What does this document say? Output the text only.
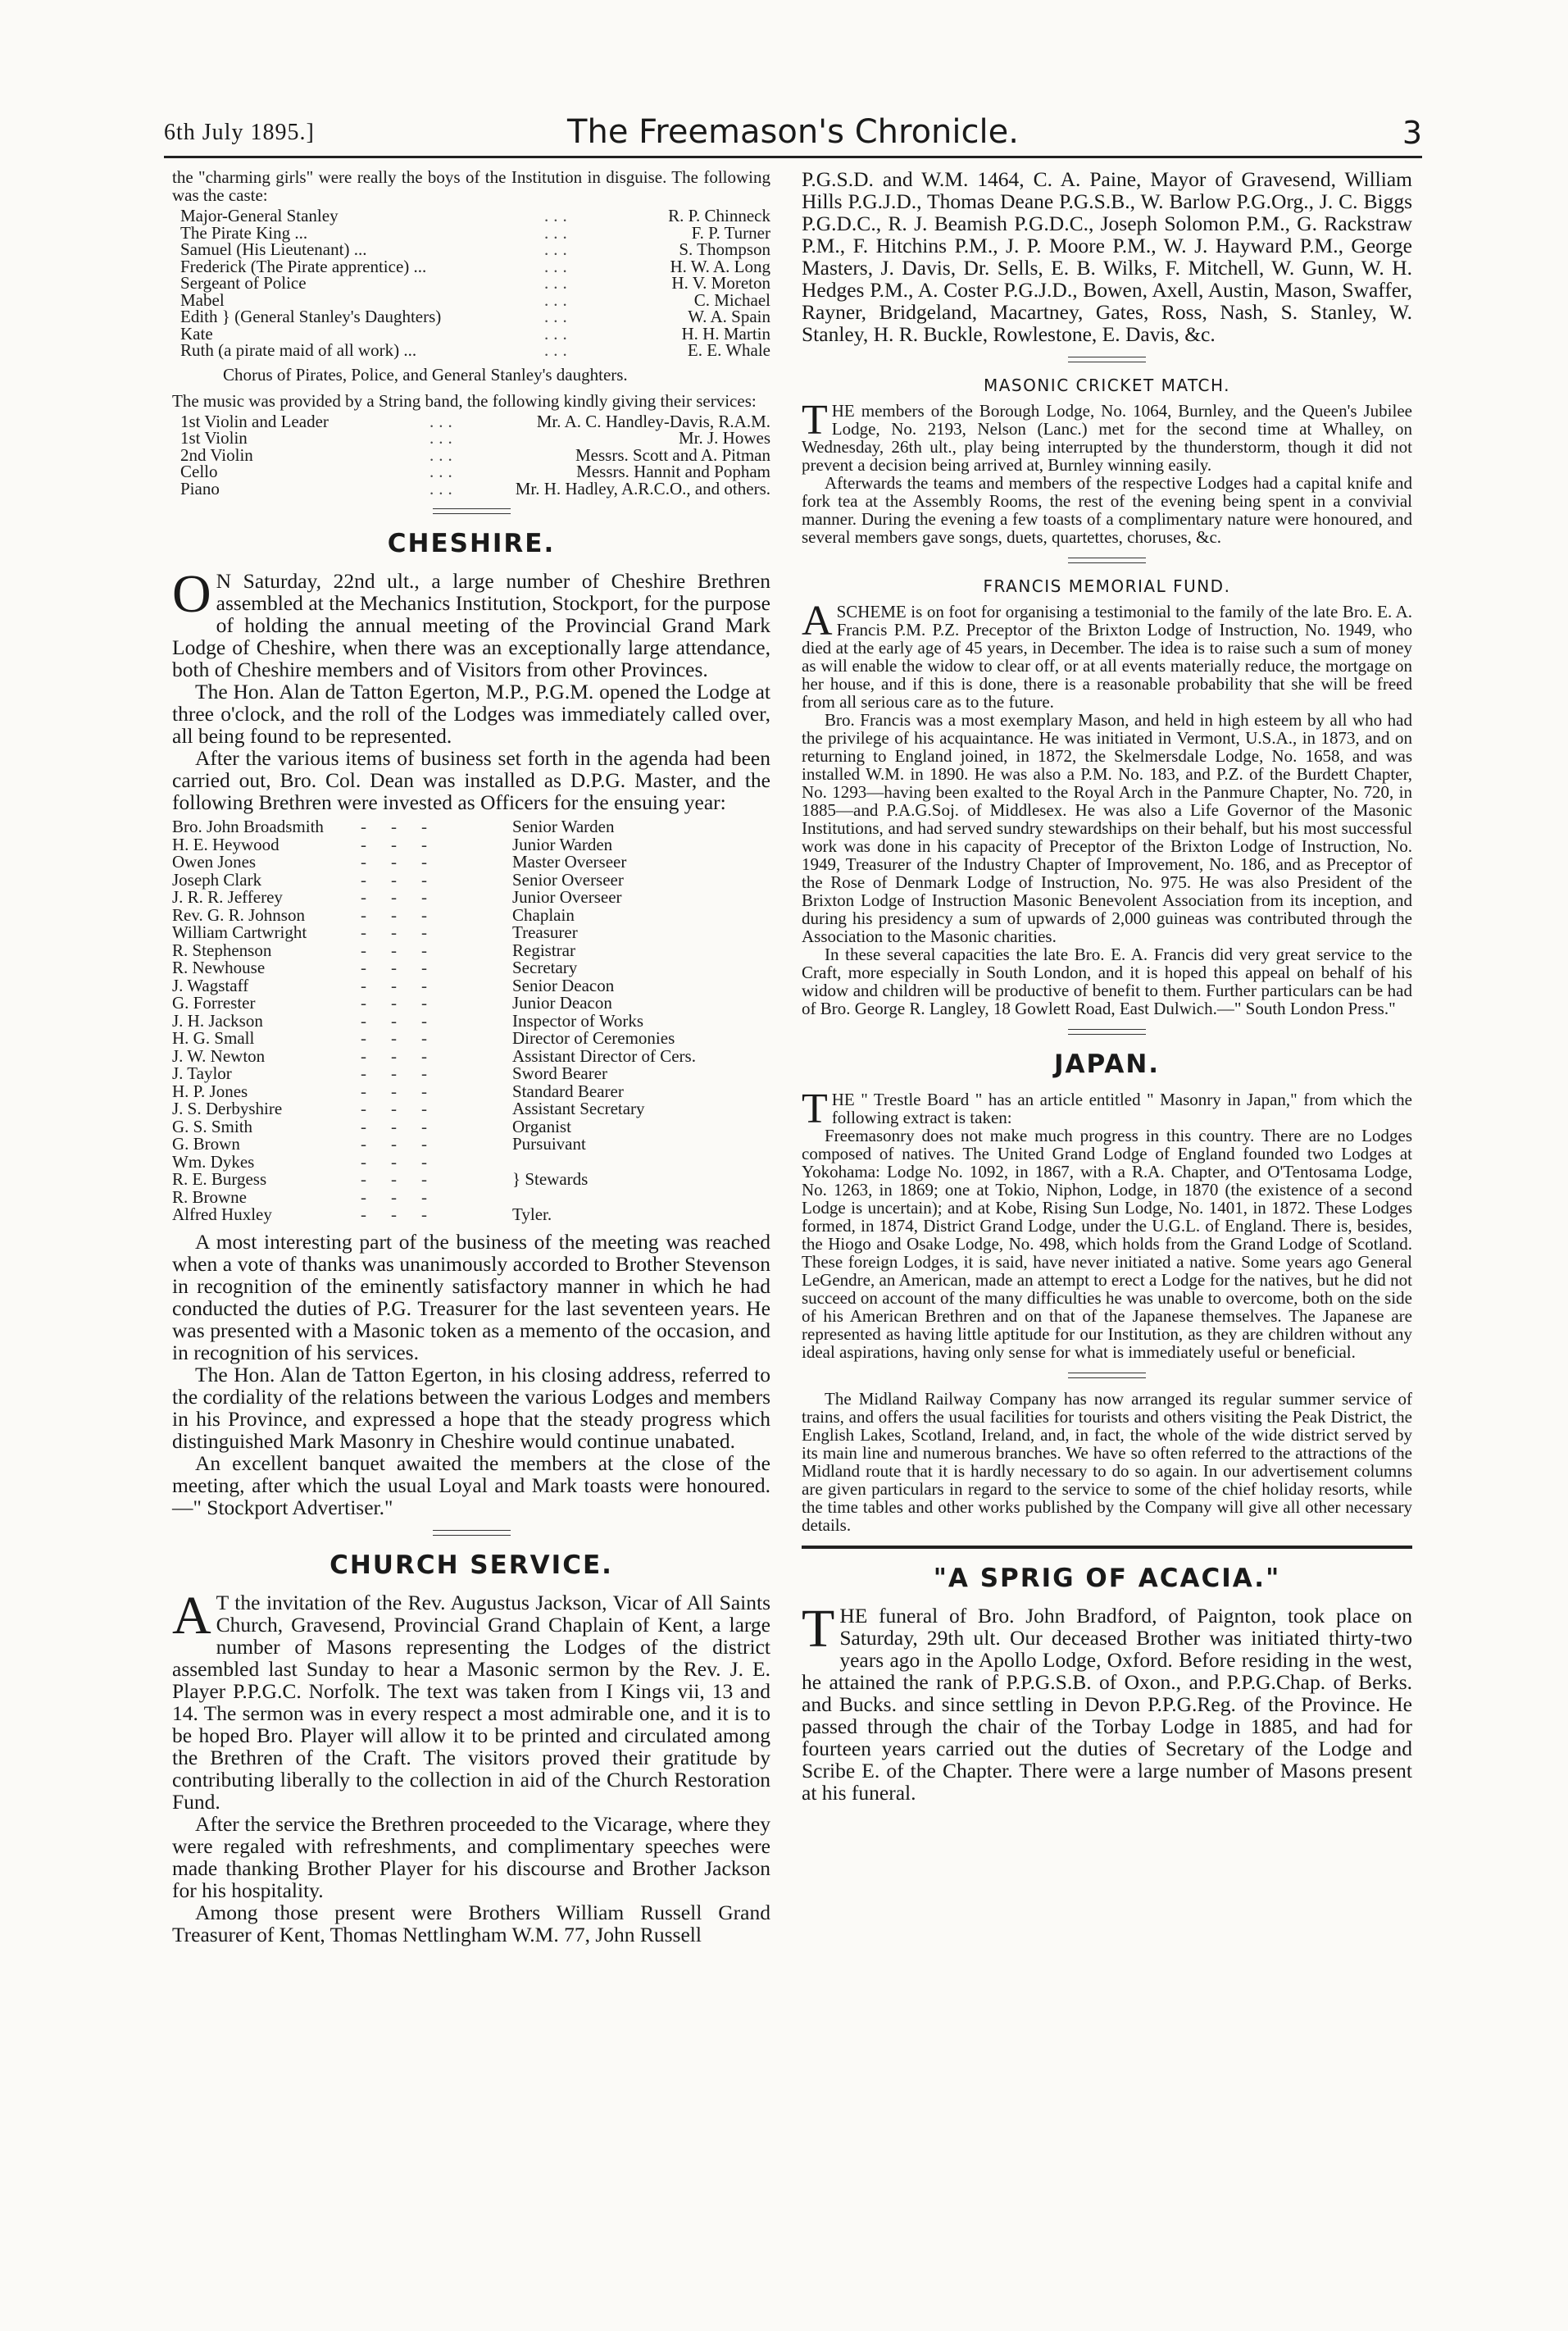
6th July 1895.]	The Freemason's Chronicle.	3

the "charming girls" were really the boys of the Institution in disguise. The following was the caste:

Major-General Stanley	...	R. P. Chinneck
The Pirate King ...	...	F. P. Turner
Samuel (His Lieutenant) ...	...	S. Thompson
Frederick (The Pirate apprentice) ...	...	H. W. A. Long
Sergeant of Police	...	H. V. Moreton
Mabel	...	C. Michael
Edith } (General Stanley's Daughters)	...	W. A. Spain
Kate	...	H. H. Martin
Ruth (a pirate maid of all work) ...	...	E. E. Whale
Chorus of Pirates, Police, and General Stanley's daughters.

The music was provided by a String band, the following kindly giving their services:

1st Violin and Leader	...	Mr. A. C. Handley-Davis, R.A.M.
1st Violin	...	Mr. J. Howes
2nd Violin	...	Messrs. Scott and A. Pitman
Cello	...	Messrs. Hannit and Popham
Piano	...	Mr. H. Hadley, A.R.C.O., and others.
CHESHIRE.
O N Saturday, 22nd ult., a large number of Cheshire Brethren assembled at the Mechanics Institution, Stockport, for the purpose of holding the annual meeting of the Provincial Grand Mark Lodge of Cheshire, when there was an exceptionally large attendance, both of Cheshire members and of Visitors from other Provinces.

The Hon. Alan de Tatton Egerton, M.P., P.G.M. opened the Lodge at three o'clock, and the roll of the Lodges was immediately called over, all being found to be represented.

After the various items of business set forth in the agenda had been carried out, Bro. Col. Dean was installed as D.P.G. Master, and the following Brethren were invested as Officers for the ensuing year:

Bro. John Broadsmith	---	Senior Warden
H. E. Heywood	---	Junior Warden
Owen Jones	---	Master Overseer
Joseph Clark	---	Senior Overseer
J. R. R. Jefferey	---	Junior Overseer
Rev. G. R. Johnson	---	Chaplain
William Cartwright	---	Treasurer
R. Stephenson	---	Registrar
R. Newhouse	---	Secretary
J. Wagstaff	---	Senior Deacon
G. Forrester	---	Junior Deacon
J. H. Jackson	---	Inspector of Works
H. G. Small	---	Director of Ceremonies
J. W. Newton	---	Assistant Director of Cers.
J. Taylor	---	Sword Bearer
H. P. Jones	---	Standard Bearer
J. S. Derbyshire	---	Assistant Secretary
G. S. Smith	---	Organist
G. Brown	---	Pursuivant
Wm. Dykes	---
R. E. Burgess	---	} Stewards
R. Browne	---
Alfred Huxley	---	Tyler.

A most interesting part of the business of the meeting was reached when a vote of thanks was unanimously accorded to Brother Stevenson in recognition of the eminently satisfactory manner in which he had conducted the duties of P.G. Treasurer for the last seventeen years. He was presented with a Masonic token as a memento of the occasion, and in recognition of his services.

The Hon. Alan de Tatton Egerton, in his closing address, referred to the cordiality of the relations between the various Lodges and members in his Province, and expressed a hope that the steady progress which distinguished Mark Masonry in Cheshire would continue unabated.

An excellent banquet awaited the members at the close of the meeting, after which the usual Loyal and Mark toasts were honoured.—" Stockport Advertiser."

CHURCH SERVICE.
A T the invitation of the Rev. Augustus Jackson, Vicar of All Saints Church, Gravesend, Provincial Grand Chaplain of Kent, a large number of Masons representing the Lodges of the district assembled last Sunday to hear a Masonic sermon by the Rev. J. E. Player P.P.G.C. Norfolk. The text was taken from I Kings vii, 13 and 14. The sermon was in every respect a most admirable one, and it is to be hoped Bro. Player will allow it to be printed and circulated among the Brethren of the Craft. The visitors proved their gratitude by contributing liberally to the collection in aid of the Church Restoration Fund.

After the service the Brethren proceeded to the Vicarage, where they were regaled with refreshments, and complimentary speeches were made thanking Brother Player for his discourse and Brother Jackson for his hospitality.

Among those present were Brothers William Russell Grand Treasurer of Kent, Thomas Nettlingham W.M. 77, John Russell

P.G.S.D. and W.M. 1464, C. A. Paine, Mayor of Gravesend, William Hills P.G.J.D., Thomas Deane P.G.S.B., W. Barlow P.G.Org., J. C. Biggs P.G.D.C., R. J. Beamish P.G.D.C., Joseph Solomon P.M., G. Rackstraw P.M., F. Hitchins P.M., J. P. Moore P.M., W. J. Hayward P.M., George Masters, J. Davis, Dr. Sells, E. B. Wilks, F. Mitchell, W. Gunn, W. H. Hedges P.M., A. Coster P.G.J.D., Bowen, Axell, Austin, Mason, Swaffer, Rayner, Bridgeland, Macartney, Gates, Ross, Nash, S. Stanley, W. Stanley, H. R. Buckle, Rowlestone, E. Davis, &c.

MASONIC CRICKET MATCH.
T HE members of the Borough Lodge, No. 1064, Burnley, and the Queen's Jubilee Lodge, No. 2193, Nelson (Lanc.) met for the second time at Whalley, on Wednesday, 26th ult., play being interrupted by the thunderstorm, though it did not prevent a decision being arrived at, Burnley winning easily.

Afterwards the teams and members of the respective Lodges had a capital knife and fork tea at the Assembly Rooms, the rest of the evening being spent in a convivial manner. During the evening a few toasts of a complimentary nature were honoured, and several members gave songs, duets, quartettes, choruses, &c.

FRANCIS MEMORIAL FUND.
A SCHEME is on foot for organising a testimonial to the family of the late Bro. E. A. Francis P.M. P.Z. Preceptor of the Brixton Lodge of Instruction, No. 1949, who died at the early age of 45 years, in December. The idea is to raise such a sum of money as will enable the widow to clear off, or at all events materially reduce, the mortgage on her house, and if this is done, there is a reasonable probability that she will be freed from all serious care as to the future.

Bro. Francis was a most exemplary Mason, and held in high esteem by all who had the privilege of his acquaintance. He was initiated in Vermont, U.S.A., in 1873, and on returning to England joined, in 1872, the Skelmersdale Lodge, No. 1658, and was installed W.M. in 1890. He was also a P.M. No. 183, and P.Z. of the Burdett Chapter, No. 1293—having been exalted to the Royal Arch in the Panmure Chapter, No. 720, in 1885—and P.A.G.Soj. of Middlesex. He was also a Life Governor of the Masonic Institutions, and had served sundry stewardships on their behalf, but his most successful work was done in his capacity of Preceptor of the Brixton Lodge of Instruction, No. 1949, Treasurer of the Industry Chapter of Improvement, No. 186, and as Preceptor of the Rose of Denmark Lodge of Instruction, No. 975. He was also President of the Brixton Lodge of Instruction Masonic Benevolent Association from its inception, and during his presidency a sum of upwards of 2,000 guineas was contributed through the Association to the Masonic charities.

In these several capacities the late Bro. E. A. Francis did very great service to the Craft, more especially in South London, and it is hoped this appeal on behalf of his widow and children will be productive of benefit to them. Further particulars can be had of Bro. George R. Langley, 18 Gowlett Road, East Dulwich.—" South London Press."

JAPAN.
T HE " Trestle Board " has an article entitled " Masonry in Japan," from which the following extract is taken:

Freemasonry does not make much progress in this country. There are no Lodges composed of natives. The United Grand Lodge of England founded two Lodges at Yokohama: Lodge No. 1092, in 1867, with a R.A. Chapter, and O'Tentosama Lodge, No. 1263, in 1869; one at Tokio, Niphon, Lodge, in 1870 (the existence of a second Lodge is uncertain); and at Kobe, Rising Sun Lodge, No. 1401, in 1872. These Lodges formed, in 1874, District Grand Lodge, under the U.G.L. of England. There is, besides, the Hiogo and Osake Lodge, No. 498, which holds from the Grand Lodge of Scotland. These foreign Lodges, it is said, have never initiated a native. Some years ago General LeGendre, an American, made an attempt to erect a Lodge for the natives, but he did not succeed on account of the many difficulties he was unable to overcome, both on the side of his American Brethren and on that of the Japanese themselves. The Japanese are represented as having little aptitude for our Institution, as they are children without any ideal aspirations, having only sense for what is immediately useful or beneficial.

The Midland Railway Company has now arranged its regular summer service of trains, and offers the usual facilities for tourists and others visiting the Peak District, the English Lakes, Scotland, Ireland, and, in fact, the whole of the wide district served by its main line and numerous branches. We have so often referred to the attractions of the Midland route that it is hardly necessary to do so again. In our advertisement columns are given particulars in regard to the service to some of the chief holiday resorts, while the time tables and other works published by the Company will give all other necessary details.

"A SPRIG OF ACACIA."
T HE funeral of Bro. John Bradford, of Paignton, took place on Saturday, 29th ult. Our deceased Brother was initiated thirty-two years ago in the Apollo Lodge, Oxford. Before residing in the west, he attained the rank of P.P.G.S.B. of Oxon., and P.P.G.Chap. of Berks. and Bucks. and since settling in Devon P.P.G.Reg. of the Province. He passed through the chair of the Torbay Lodge in 1885, and had for fourteen years carried out the duties of Secretary of the Lodge and Scribe E. of the Chapter. There were a large number of Masons present at his funeral.
